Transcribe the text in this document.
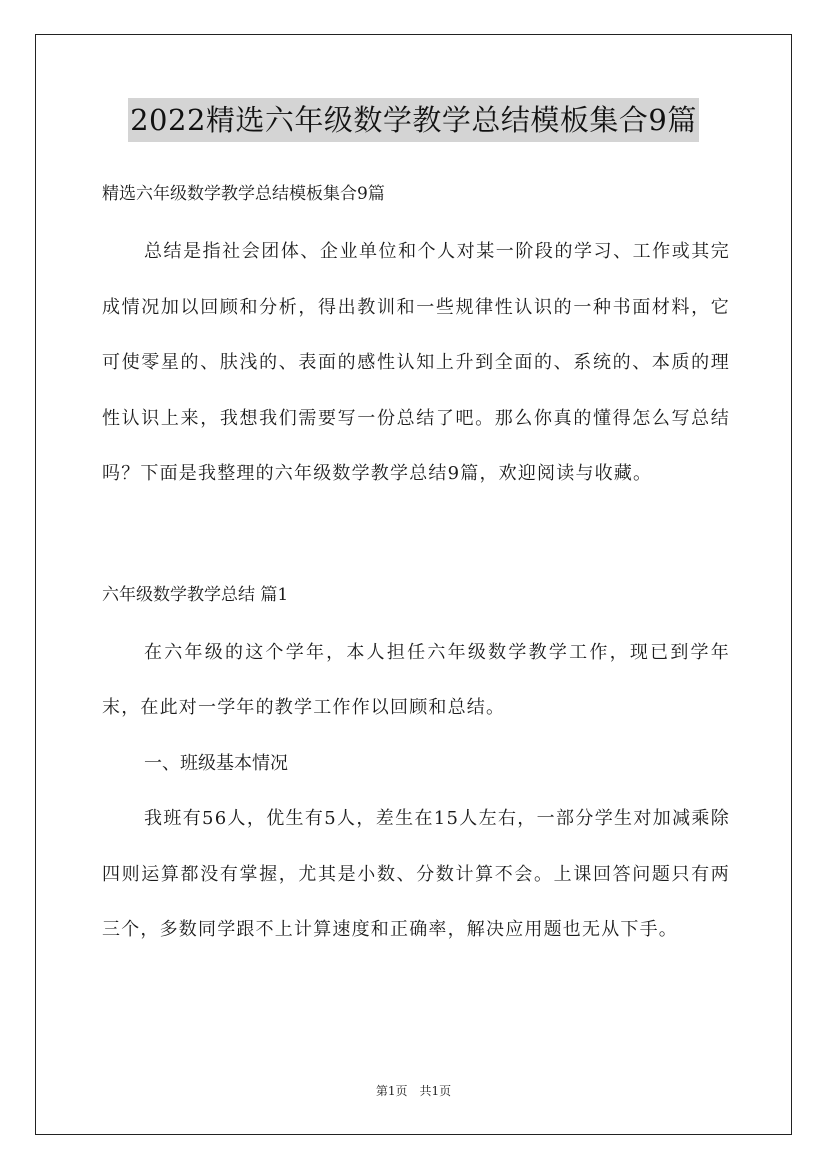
2022精选六年级数学教学总结模板集合9篇

精选六年级数学教学总结模板集合9篇

总结是指社会团体、企业单位和个人对某一阶段的学习、工作或其完成情况加以回顾和分析，得出教训和一些规律性认识的一种书面材料，它可使零星的、肤浅的、表面的感性认知上升到全面的、系统的、本质的理性认识上来，我想我们需要写一份总结了吧。那么你真的懂得怎么写总结吗？下面是我整理的六年级数学教学总结9篇，欢迎阅读与收藏。

六年级数学教学总结 篇1

在六年级的这个学年，本人担任六年级数学教学工作，现已到学年末，在此对一学年的教学工作作以回顾和总结。

一、班级基本情况

我班有56人，优生有5人，差生在15人左右，一部分学生对加减乘除四则运算都没有掌握，尤其是小数、分数计算不会。上课回答问题只有两三个，多数同学跟不上计算速度和正确率，解决应用题也无从下手。

第1页　共1页
